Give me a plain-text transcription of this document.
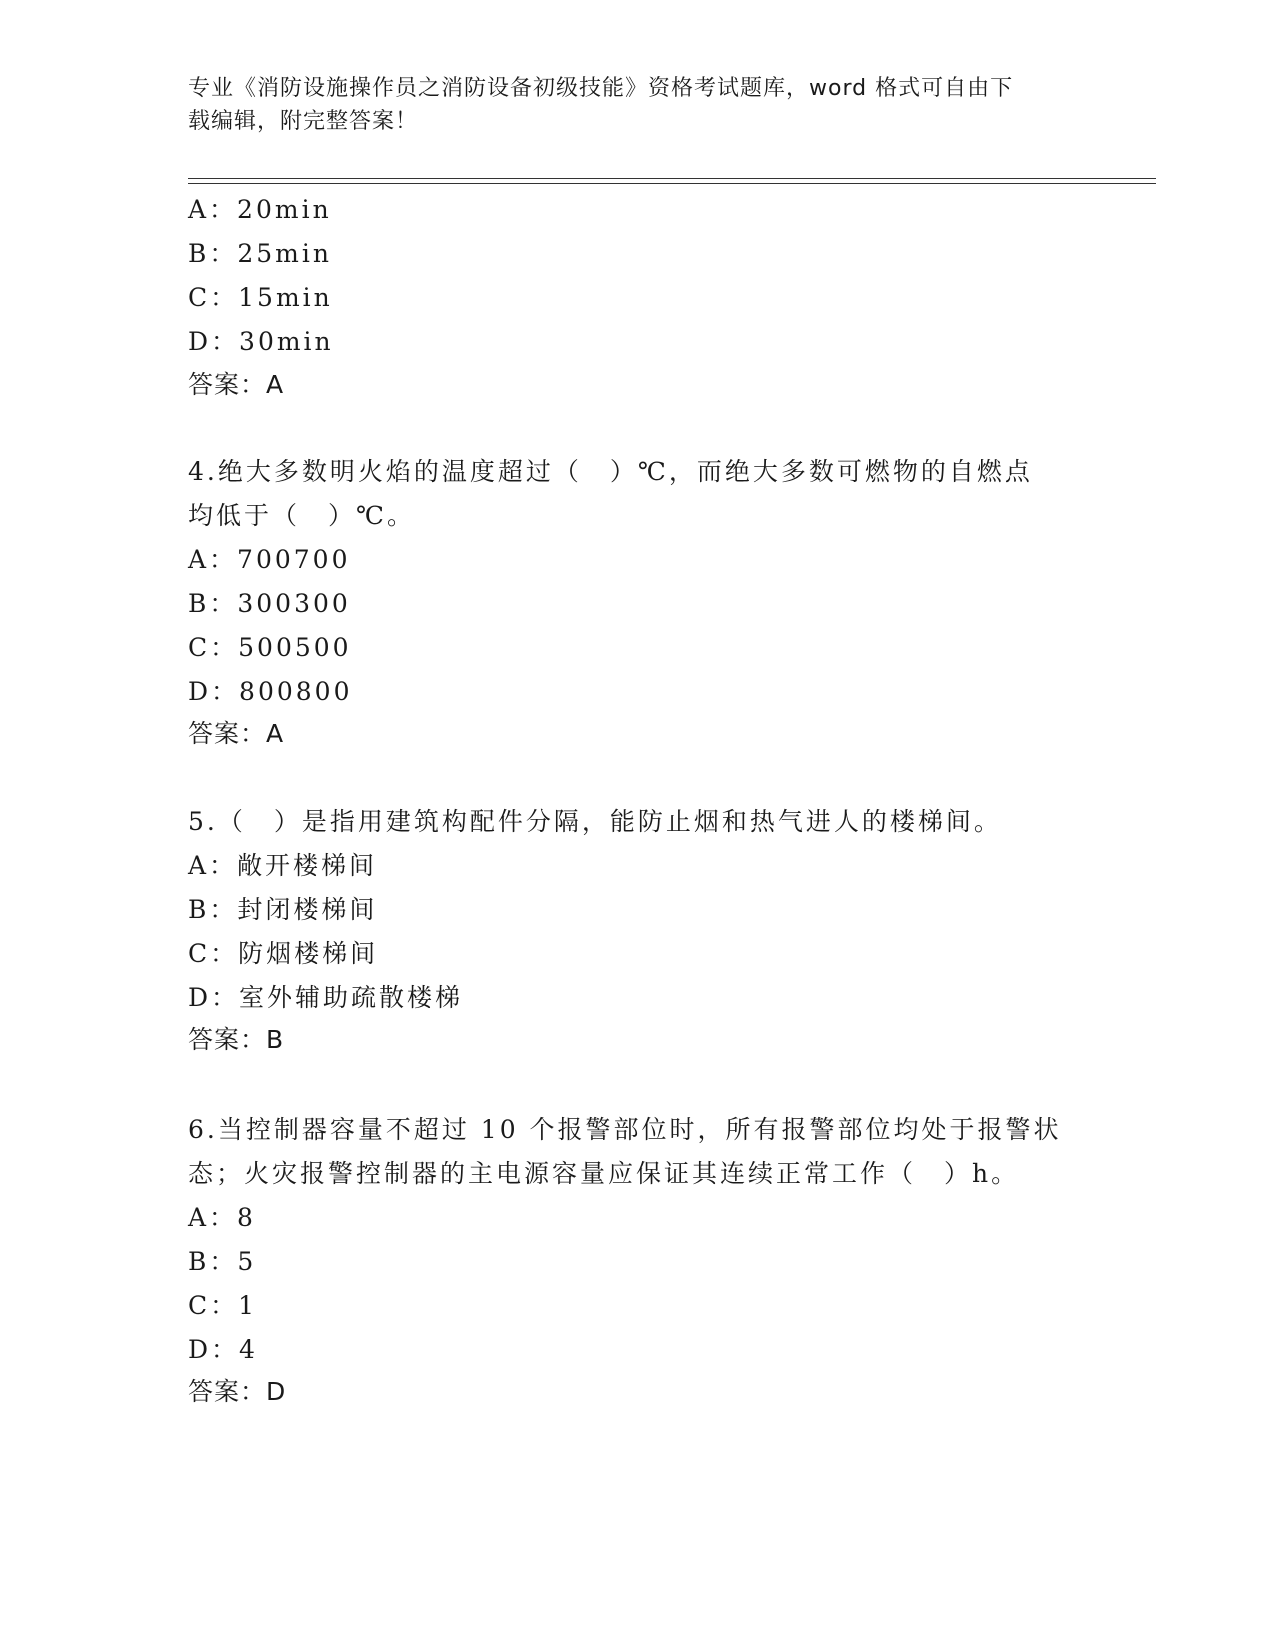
专业《消防设施操作员之消防设备初级技能》资格考试题库，word 格式可自由下
载编辑，附完整答案！
A：20min
B：25min
C：15min
D：30min
答案：A
4.绝大多数明火焰的温度超过（　）℃，而绝大多数可燃物的自燃点
均低于（　）℃。
A：700700
B：300300
C：500500
D：800800
答案：A
5.（　）是指用建筑构配件分隔，能防止烟和热气进人的楼梯间。
A：敞开楼梯间
B：封闭楼梯间
C：防烟楼梯间
D：室外辅助疏散楼梯
答案：B
6.当控制器容量不超过 10 个报警部位时，所有报警部位均处于报警状
态；火灾报警控制器的主电源容量应保证其连续正常工作（　）h。
A：8
B：5
C：1
D：4
答案：D
